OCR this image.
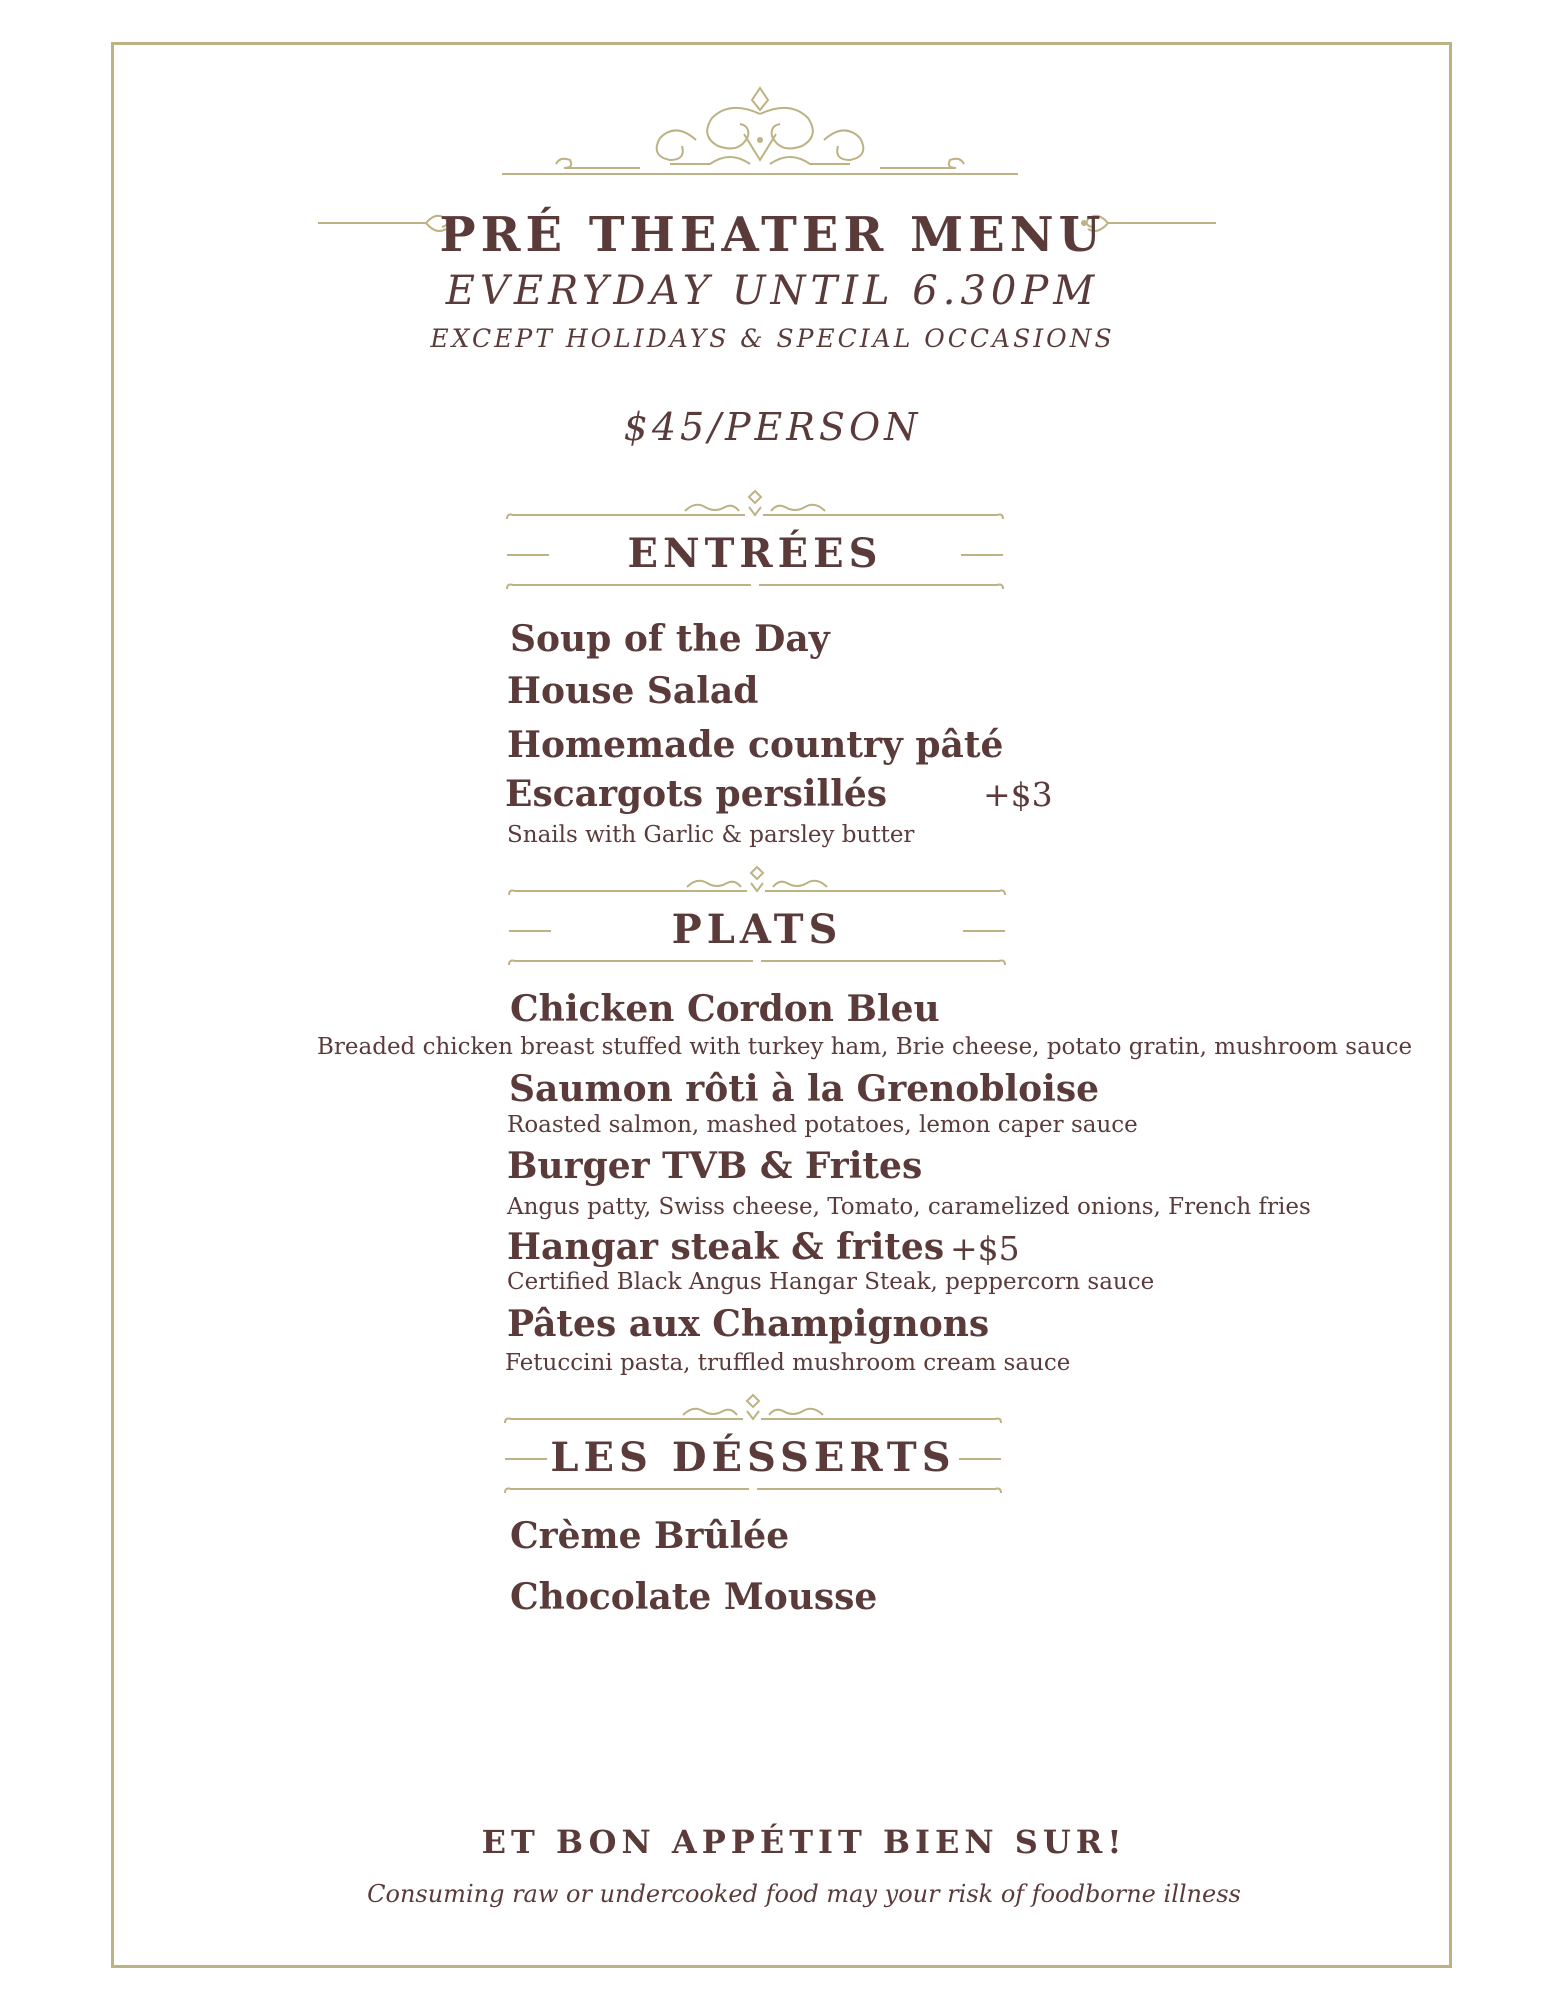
PRÉ THEATER MENU
EVERYDAY UNTIL 6.30PM
EXCEPT HOLIDAYS & SPECIAL OCCASIONS
$45/PERSON
ENTRÉES
Soup of the Day
House Salad
Homemade country pâté
Escargots persillés	+$3
Snails with Garlic & parsley butter
PLATS
Chicken Cordon Bleu
Breaded chicken breast stuffed with turkey ham, Brie cheese, potato gratin, mushroom sauce
Saumon rôti à la Grenobloise
Roasted salmon, mashed potatoes, lemon caper sauce
Burger TVB & Frites
Angus patty, Swiss cheese, Tomato, caramelized onions, French fries
Hangar steak & frites +$5
Certified Black Angus Hangar Steak, peppercorn sauce
Pâtes aux Champignons
Fetuccini pasta, truffled mushroom cream sauce
LES DÉSSERTS
Crème Brûlée
Chocolate Mousse
ET BON APPÉTIT BIEN SUR!
Consuming raw or undercooked food may your risk of foodborne illness
